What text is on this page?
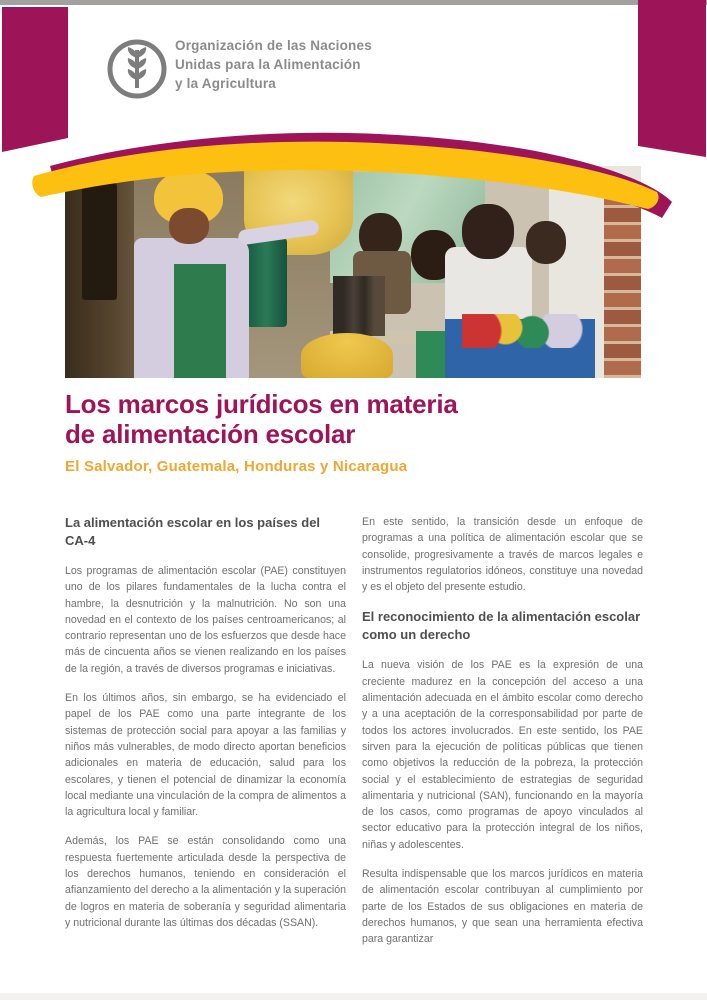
Organización de las Naciones
Unidas para la Alimentación
y la Agricultura
Los marcos jurídicos en materia
de alimentación escolar
El Salvador, Guatemala, Honduras y Nicaragua
La alimentación escolar en los países del CA-4

Los programas de alimentación escolar (PAE) constituyen uno de los pilares fundamentales de la lucha contra el hambre, la desnutrición y la malnutrición. No son una novedad en el contexto de los países centroamericanos; al contrario representan uno de los esfuerzos que desde hace más de cincuenta años se vienen realizando en los países de la región, a través de diversos programas e iniciativas.

En los últimos años, sin embargo, se ha evidenciado el papel de los PAE como una parte integrante de los sistemas de protección social para apoyar a las familias y niños más vulnerables, de modo directo aportan beneficios adicionales en materia de educación, salud para los escolares, y tienen el potencial de dinamizar la economía local mediante una vinculación de la compra de alimentos a la agricultura local y familiar.

Además, los PAE se están consolidando como una respuesta fuertemente articulada desde la perspectiva de los derechos humanos, teniendo en consideración el afianzamiento del derecho a la alimentación y la superación de logros en materia de soberanía y seguridad alimentaria y nutricional durante las últimas dos décadas (SSAN).

En este sentido, la transición desde un enfoque de programas a una política de alimentación escolar que se consolide, progresivamente a través de marcos legales e instrumentos regulatorios idóneos, constituye una novedad y es el objeto del presente estudio.

El reconocimiento de la alimentación escolar como un derecho

La nueva visión de los PAE es la expresión de una creciente madurez en la concepción del acceso a una alimentación adecuada en el ámbito escolar como derecho y a una aceptación de la corresponsabilidad por parte de todos los actores involucrados. En este sentido, los PAE sirven para la ejecución de políticas públicas que tienen como objetivos la reducción de la pobreza, la protección social y el establecimiento de estrategias de seguridad alimentaria y nutricional (SAN), funcionando en la mayoría de los casos, como programas de apoyo vinculados al sector educativo para la protección integral de los niños, niñas y adolescentes.

Resulta indispensable que los marcos jurídicos en materia de alimentación escolar contribuyan al cumplimiento por parte de los Estados de sus obligaciones en materia de derechos humanos, y que sean una herramienta efectiva para garantizar
